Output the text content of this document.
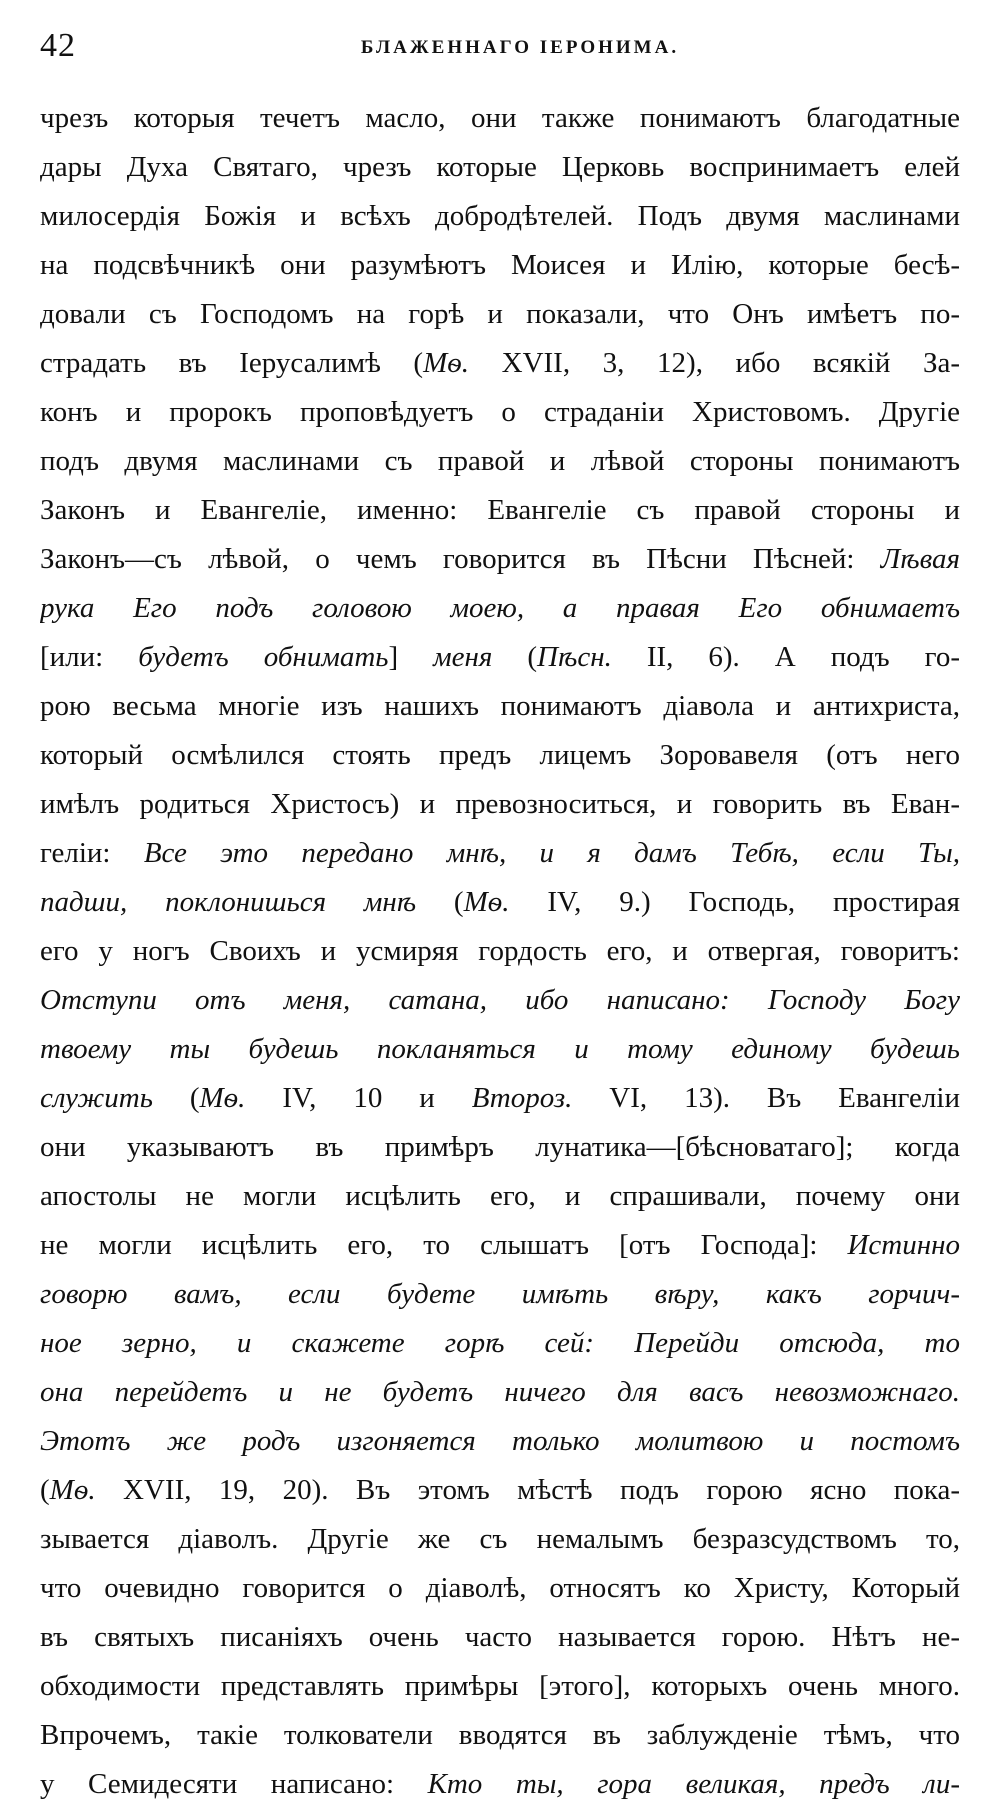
42	БЛАЖЕННАГО ІЕРОНИМА.
чрезъ которыя течетъ масло, они также понимаютъ благодатные
дары Духа Святаго, чрезъ которые Церковь воспринимаетъ елей
милосердія Божія и всѣхъ добродѣтелей. Подъ двумя маслинами
на подсвѣчникѣ они разумѣютъ Моисея и Илію, которые бесѣ-
довали съ Господомъ на горѣ и показали, что Онъ имѣетъ по-
страдать въ Іерусалимѣ (Мѳ. XVII, 3, 12), ибо всякій За-
конъ и пророкъ проповѣдуетъ о страданіи Христовомъ. Другіе
подъ двумя маслинами съ правой и лѣвой стороны понимаютъ
Законъ и Евангеліе, именно: Евангеліе съ правой стороны и
Законъ—съ лѣвой, о чемъ говорится въ Пѣсни Пѣсней: Лѣвая
рука Его подъ головою моею, а правая Его обнимаетъ
[или: будетъ обнимать] меня (Пѣсн. II, 6). А подъ го-
рою весьма многіе изъ нашихъ понимаютъ діавола и антихриста,
который осмѣлился стоять предъ лицемъ Зоровавеля (отъ него
имѣлъ родиться Христосъ) и превозноситься, и говорить въ Еван-
геліи: Все это передано мнѣ, и я дамъ Тебѣ, если Ты,
падши, поклонишься мнѣ (Мѳ. IV, 9.) Господь, простирая
его у ногъ Своихъ и усмиряя гордость его, и отвергая, говоритъ:
Отступи отъ меня, сатана, ибо написано: Господу Богу
твоему ты будешь покланяться и тому единому будешь
служить (Мѳ. IV, 10 и Второз. VI, 13). Въ Евангеліи
они указываютъ въ примѣръ лунатика—[бѣсноватаго]; когда
апостолы не могли исцѣлить его, и спрашивали, почему они
не могли исцѣлить его, то слышатъ [отъ Господа]: Истинно
говорю вамъ, если будете имѣть вѣру, какъ горчич-
ное зерно, и скажете горѣ сей: Перейди отсюда, то
она перейдетъ и не будетъ ничего для васъ невозможнаго.
Этотъ же родъ изгоняется только молитвою и постомъ
(Мѳ. XVII, 19, 20). Въ этомъ мѣстѣ подъ горою ясно пока-
зывается діаволъ. Другіе же съ немалымъ безразсудствомъ то,
что очевидно говорится о діаволѣ, относятъ ко Христу, Который
въ святыхъ писаніяхъ очень часто называется горою. Нѣтъ не-
обходимости представлять примѣры [этого], которыхъ очень много.
Впрочемъ, такіе толкователи вводятся въ заблужденіе тѣмъ, что
у Семидесяти написано: Кто ты, гора великая, предъ ли-
